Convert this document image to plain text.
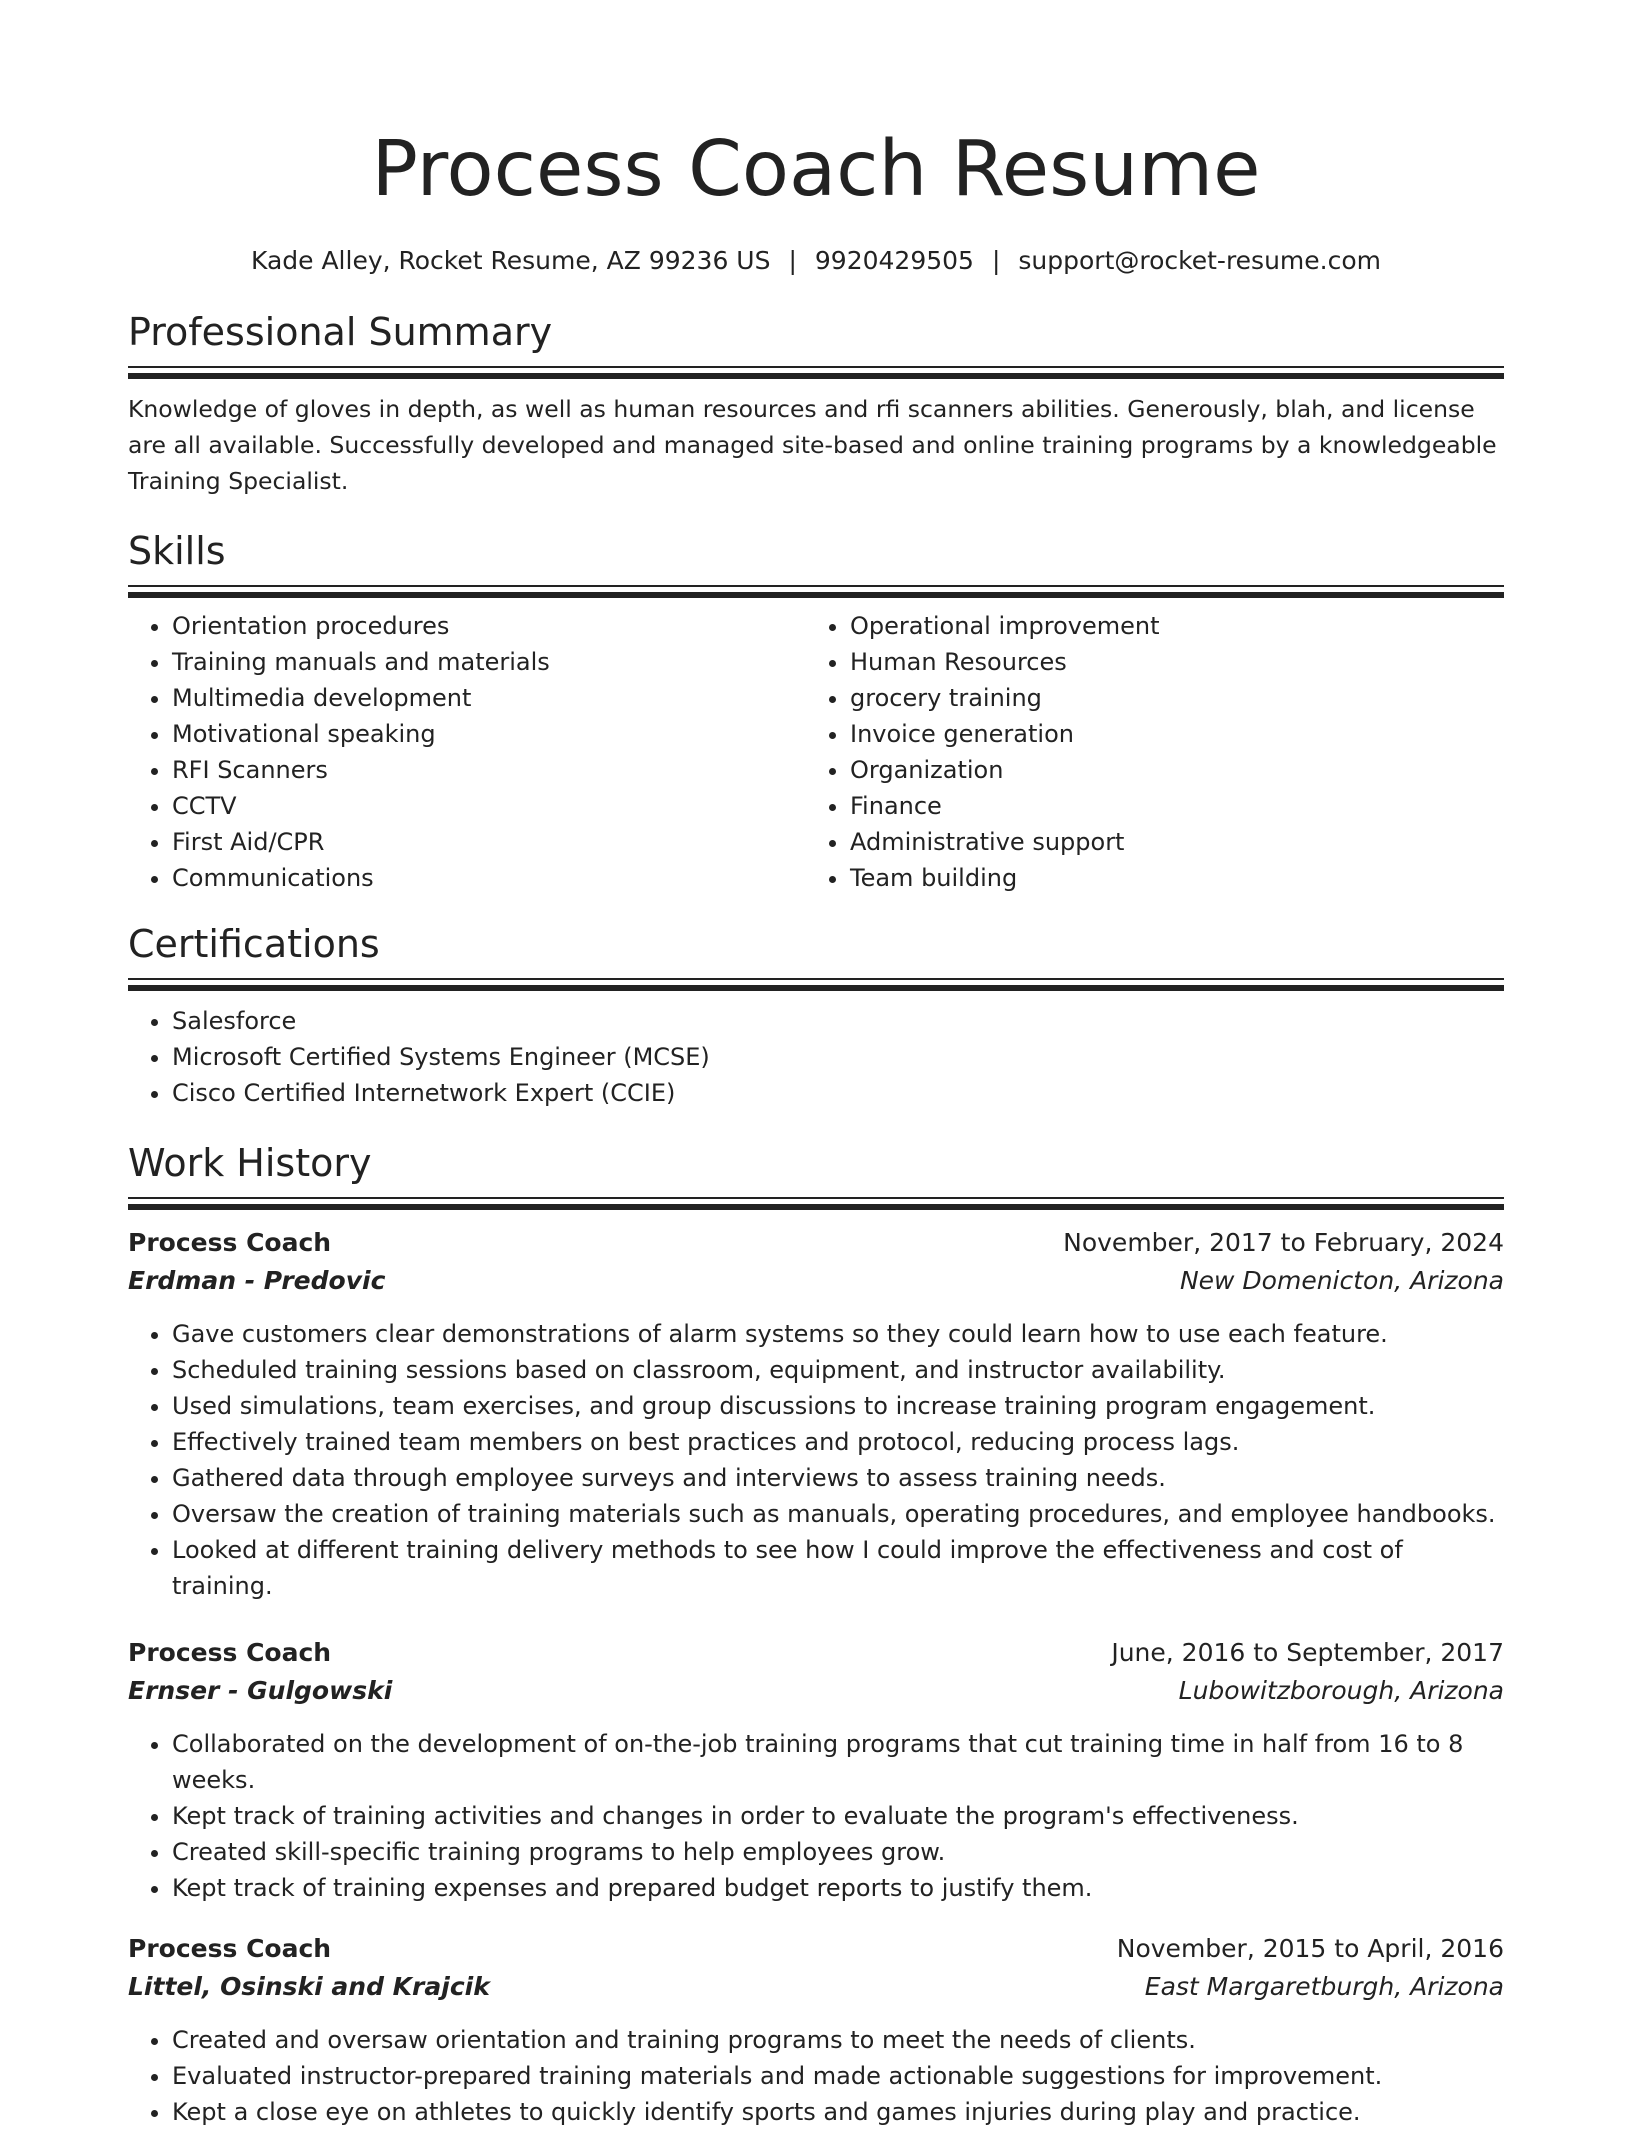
Process Coach Resume
Kade Alley, Rocket Resume, AZ 99236 US | 9920429505 | support@rocket-resume.com
Professional Summary

Knowledge of gloves in depth, as well as human resources and rfi scanners abilities. Generously, blah, and license are all available. Successfully developed and managed site-based and online training programs by a knowledgeable Training Specialist.

Skills
• Orientation procedures
• Training manuals and materials
• Multimedia development
• Motivational speaking
• RFI Scanners
• CCTV
• First Aid/CPR
• Communications
• Operational improvement
• Human Resources
• grocery training
• Invoice generation
• Organization
• Finance
• Administrative support
• Team building
Certifications
• Salesforce
• Microsoft Certified Systems Engineer (MCSE)
• Cisco Certified Internetwork Expert (CCIE)
Work History
Process Coach	November, 2017 to February, 2024
Erdman - Predovic	New Domenicton, Arizona
• Gave customers clear demonstrations of alarm systems so they could learn how to use each feature.
• Scheduled training sessions based on classroom, equipment, and instructor availability.
• Used simulations, team exercises, and group discussions to increase training program engagement.
• Effectively trained team members on best practices and protocol, reducing process lags.
• Gathered data through employee surveys and interviews to assess training needs.
• Oversaw the creation of training materials such as manuals, operating procedures, and employee handbooks.
• Looked at different training delivery methods to see how I could improve the effectiveness and cost of training.
Process Coach	June, 2016 to September, 2017
Ernser - Gulgowski	Lubowitzborough, Arizona
• Collaborated on the development of on-the-job training programs that cut training time in half from 16 to 8 weeks.
• Kept track of training activities and changes in order to evaluate the program's effectiveness.
• Created skill-specific training programs to help employees grow.
• Kept track of training expenses and prepared budget reports to justify them.
Process Coach	November, 2015 to April, 2016
Littel, Osinski and Krajcik	East Margaretburgh, Arizona
• Created and oversaw orientation and training programs to meet the needs of clients.
• Evaluated instructor-prepared training materials and made actionable suggestions for improvement.
• Kept a close eye on athletes to quickly identify sports and games injuries during play and practice.
